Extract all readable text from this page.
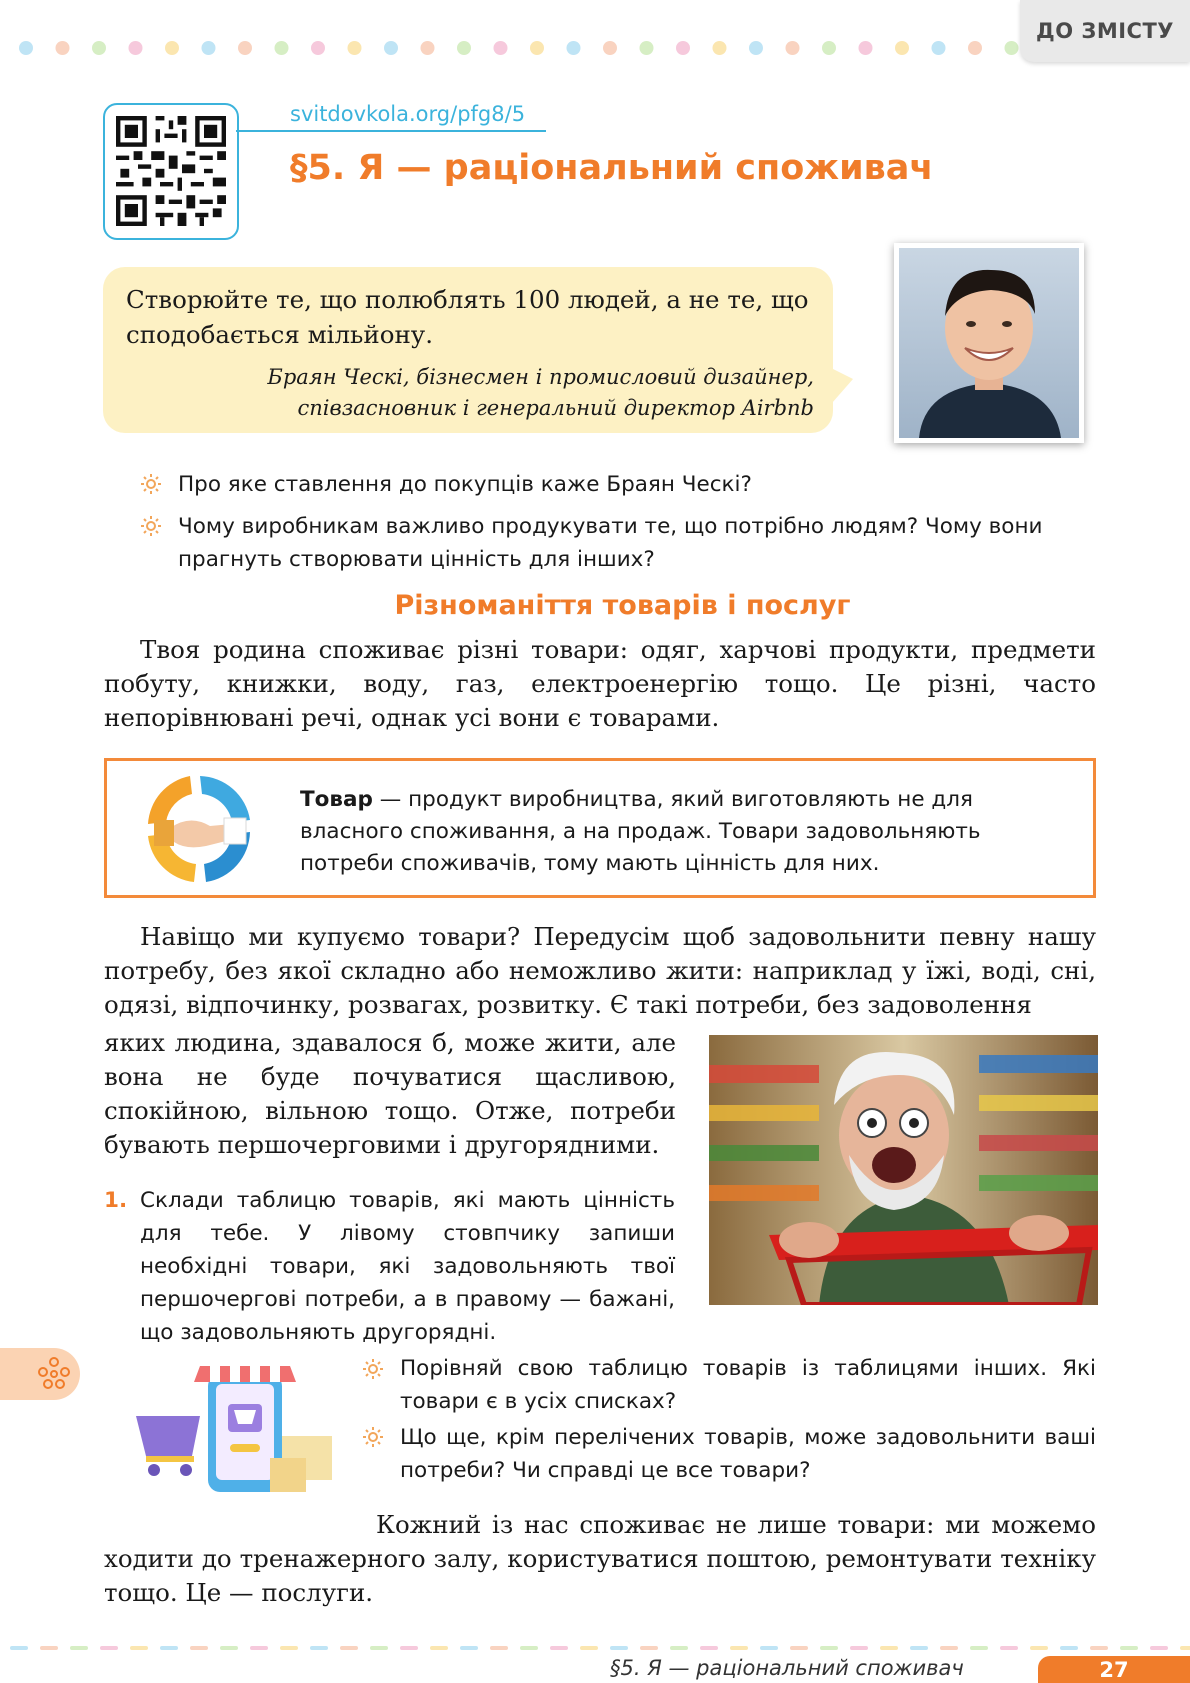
ДО ЗМІСТУ
svitdovkola.org/pfg8/5
§5. Я — раціональний споживач
Створюйте те, що полюблять 100 людей, а не те, що сподобається мільйону.
Браян Ческі, бізнесмен і промисловий дизайнер,
співзасновник і генеральний директор Airbnb
Про яке ставлення до покупців каже Браян Ческі?
Чому виробникам важливо продукувати те, що потрібно людям? Чому вони прагнуть створювати цінність для інших?
Різноманіття товарів і послуг
Твоя родина споживає різні товари: одяг, харчові продукти, предмети побуту, книжки, воду, газ, електроенергію тощо. Це різні, часто непорівнювані речі, однак усі вони є товарами.
Товар — продукт виробництва, який виготовляють не для власного споживання, а на продаж. Товари задовольняють потреби споживачів, тому мають цінність для них.
Навіщо ми купуємо товари? Передусім щоб задовольнити певну нашу потребу, без якої складно або неможливо жити: наприклад у їжі, воді, сні, одязі, відпочинку, розвагах, розвитку. Є такі потреби, без задоволення
яких людина, здавалося б, може жити, але вона не буде почуватися щасливою, спокійною, вільною тощо. Отже, потреби бувають першочерговими і другорядними.
1. Склади таблицю товарів, які мають цінність для тебе. У лівому стовпчику запиши необхідні товари, які задовольняють твої першочергові потреби, а в правому — бажані, що задовольняють другорядні.
Порівняй свою таблицю товарів із таблицями інших. Які товари є в усіх списках?
Що ще, крім перелічених товарів, може задовольнити ваші потреби? Чи справді це все товари?
Кожний із нас споживає не лише товари: ми можемо ходити до тренажерного залу, користуватися поштою, ремонтувати техніку тощо. Це — послуги.
§5. Я — раціональний споживач	27
